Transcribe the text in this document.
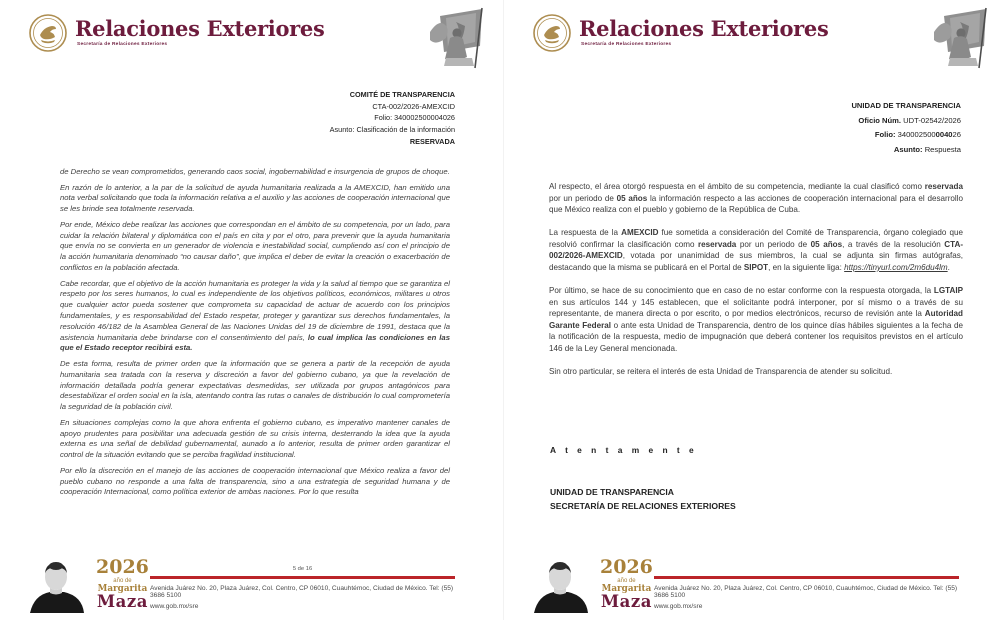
Relaciones Exteriores
Secretaría de Relaciones Exteriores

COMITÉ DE TRANSPARENCIA

CTA-002/2026-AMEXCID

Folio: 340002500004026

Asunto: Clasificación de la información

RESERVADA

de Derecho se vean comprometidos, generando caos social, ingobernabilidad e insurgencia de grupos de choque.

En razón de lo anterior, a la par de la solicitud de ayuda humanitaria realizada a la AMEXCID, han emitido una nota verbal solicitando que toda la información relativa a el auxilio y las acciones de cooperación internacional que se les brinde sea totalmente reservada.

Por ende, México debe realizar las acciones que correspondan en el ámbito de su competencia, por un lado, para cuidar la relación bilateral y diplomática con el país en cita y por el otro, para prevenir que la ayuda humanitaria que envía no se convierta en un generador de violencia e inestabilidad social, cumpliendo así con el principio de la acción humanitaria denominado “no causar daño”, que implica el deber de evitar la creación o exacerbación de conflictos en la población afectada.

Cabe recordar, que el objetivo de la acción humanitaria es proteger la vida y la salud al tiempo que se garantiza el respeto por los seres humanos, lo cual es independiente de los objetivos políticos, económicos, militares u otros que cualquier actor pueda sostener que comprometa su capacidad de actuar de acuerdo con los principios fundamentales, y es responsabilidad del Estado respetar, proteger y garantizar sus derechos fundamentales, la resolución 46/182 de la Asamblea General de las Naciones Unidas del 19 de diciembre de 1991, destaca que la asistencia humanitaria debe brindarse con el consentimiento del país, lo cual implica las condiciones en las que el Estado receptor recibirá esta.

De esta forma, resulta de primer orden que la información que se genera a partir de la recepción de ayuda humanitaria sea tratada con la reserva y discreción a favor del gobierno cubano, ya que la revelación de información detallada podría generar expectativas desmedidas, ser utilizada por grupos antagónicos para desestabilizar el orden social en la isla, atentando contra las rutas o canales de distribución lo cual comprometería la seguridad de la población civil.

En situaciones complejas como la que ahora enfrenta el gobierno cubano, es imperativo mantener canales de apoyo prudentes para posibilitar una adecuada gestión de su crisis interna, desterrando la idea que la ayuda externa es una señal de debilidad gubernamental, aunado a lo anterior, resulta de primer orden garantizar el control de la situación evitando que se perciba fragilidad institucional.

Por ello la discreción en el manejo de las acciones de cooperación internacional que México realiza a favor del pueblo cubano no responde a una falta de transparencia, sino a una estrategia de seguridad humana y de cooperación Internacional, como política exterior de ambas naciones. Por lo que resulta

2026
año de
Margarita
Maza
5 de 16
Avenida Juárez No. 20, Plaza Juárez, Col. Centro, CP 06010, Cuauhtémoc, Ciudad de México. Tel: (55) 3686 5100
www.gob.mx/sre
Relaciones Exteriores
Secretaría de Relaciones Exteriores

UNIDAD DE TRANSPARENCIA

Oficio Núm. UDT-02542/2026

Folio: 340002500004026

Asunto: Respuesta

Al respecto, el área otorgó respuesta en el ámbito de su competencia, mediante la cual clasificó como reservada por un periodo de 05 años la información respecto a las acciones de cooperación internacional para el desarrollo que México realiza con el pueblo y gobierno de la República de Cuba.

La respuesta de la AMEXCID fue sometida a consideración del Comité de Transparencia, órgano colegiado que resolvió confirmar la clasificación como reservada por un periodo de 05 años, a través de la resolución CTA-002/2026-AMEXCID, votada por unanimidad de sus miembros, la cual se adjunta sin firmas autógrafas, destacando que la misma se publicará en el Portal de SIPOT, en la siguiente liga: https://tinyurl.com/2m6du4lm.

Por último, se hace de su conocimiento que en caso de no estar conforme con la respuesta otorgada, la LGTAIP en sus artículos 144 y 145 establecen, que el solicitante podrá interponer, por sí mismo o a través de su representante, de manera directa o por escrito, o por medios electrónicos, recurso de revisión ante la Autoridad Garante Federal o ante esta Unidad de Transparencia, dentro de los quince días hábiles siguientes a la fecha de la notificación de la respuesta, medio de impugnación que deberá contener los requisitos previstos en el artículo 146 de la Ley General mencionada.

Sin otro particular, se reitera el interés de esta Unidad de Transparencia de atender su solicitud.

A t e n t a m e n t e
UNIDAD DE TRANSPARENCIA
SECRETARÍA DE RELACIONES EXTERIORES
2026
año de
Margarita
Maza
Avenida Juárez No. 20, Plaza Juárez, Col. Centro, CP 06010, Cuauhtémoc, Ciudad de México. Tel: (55) 3686 5100
www.gob.mx/sre
